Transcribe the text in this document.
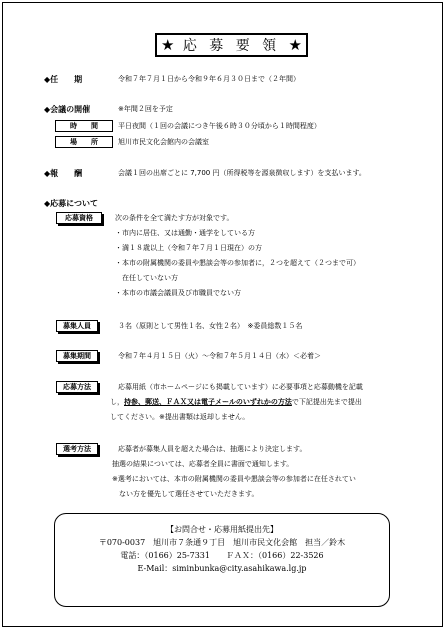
★ 応 募 要 領 ★
◆任　　期	令和７年７月１日から令和９年６月３０日まで（２年間）
◆会議の開催	※年間２回を予定
時　　間	平日夜間（１回の会議につき午後６時３０分頃から１時間程度）
場　　所	旭川市民文化会館内の会議室
◆報　　酬	会議１回の出席ごとに 7,700 円（所得税等を源泉徴収します）を支払います。
◆応募について
応募資格	次の条件を全て満たす方が対象です。
・市内に居住、又は通勤・通学をしている方
・満１８歳以上（令和７年７月１日現在）の方
・本市の附属機関の委員や懇談会等の参加者に，２つを超えて（２つまで可）
　在任していない方
・本市の市議会議員及び市職員でない方
募集人員	３名（原則として男性１名、女性２名）　※委員総数１５名
募集期間	令和７年４月１５日（火）～令和７年５月１４日（水）＜必着＞
応募方法	応募用紙（市ホームページにも掲載しています）に必要事項と応募動機を記載
し，持参、郵送、ＦＡＸ又は電子メールのいずれかの方法で下記提出先まで提出
してください。※提出書類は返却しません。
選考方法	応募者が募集人員を超えた場合は、抽選により決定します。
抽選の結果については、応募者全員に書面で通知します。
※選考においては、本市の附属機関の委員や懇談会等の参加者に在任されてい
　ない方を優先して選任させていただきます。
【お問合せ・応募用紙提出先】
〒070-0037　旭川市７条通９丁目　旭川市民文化会館　担当／鈴木
電話：（0166）25-7331　　ＦＡＸ：（0166）22-3526
E-Mail：siminbunka@city.asahikawa.lg.jp
